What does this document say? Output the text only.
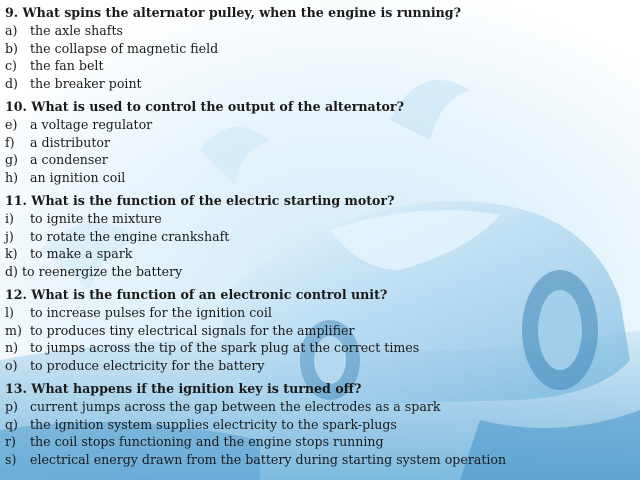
9. What spins the alternator pulley, when the engine is running?
a) the axle shafts
b) the collapse of magnetic field
c)	the fan belt
d) the breaker point
10. What is used to control the output of the alternator?
e)	a voltage regulator
f)	a distributor
g) a condenser
h) an ignition coil
11. What is the function of the electric starting motor?
i)	to ignite the mixture
j)	to rotate the engine crankshaft
k) to make a spark
d) to reenergize the battery
12. What is the function of an electronic control unit?
l)	to increase pulses for the ignition coil
m) to produces tiny electrical signals for the amplifier
n) to jumps across the tip of the spark plug at the correct times
o) to produce electricity for the battery
13. What happens if the ignition key is turned off?
p) current jumps across the gap between the electrodes as a spark
q) the ignition system supplies electricity to the spark-plugs
r)	the coil stops functioning and the engine stops running
s)	electrical energy drawn from the battery during starting system operation
